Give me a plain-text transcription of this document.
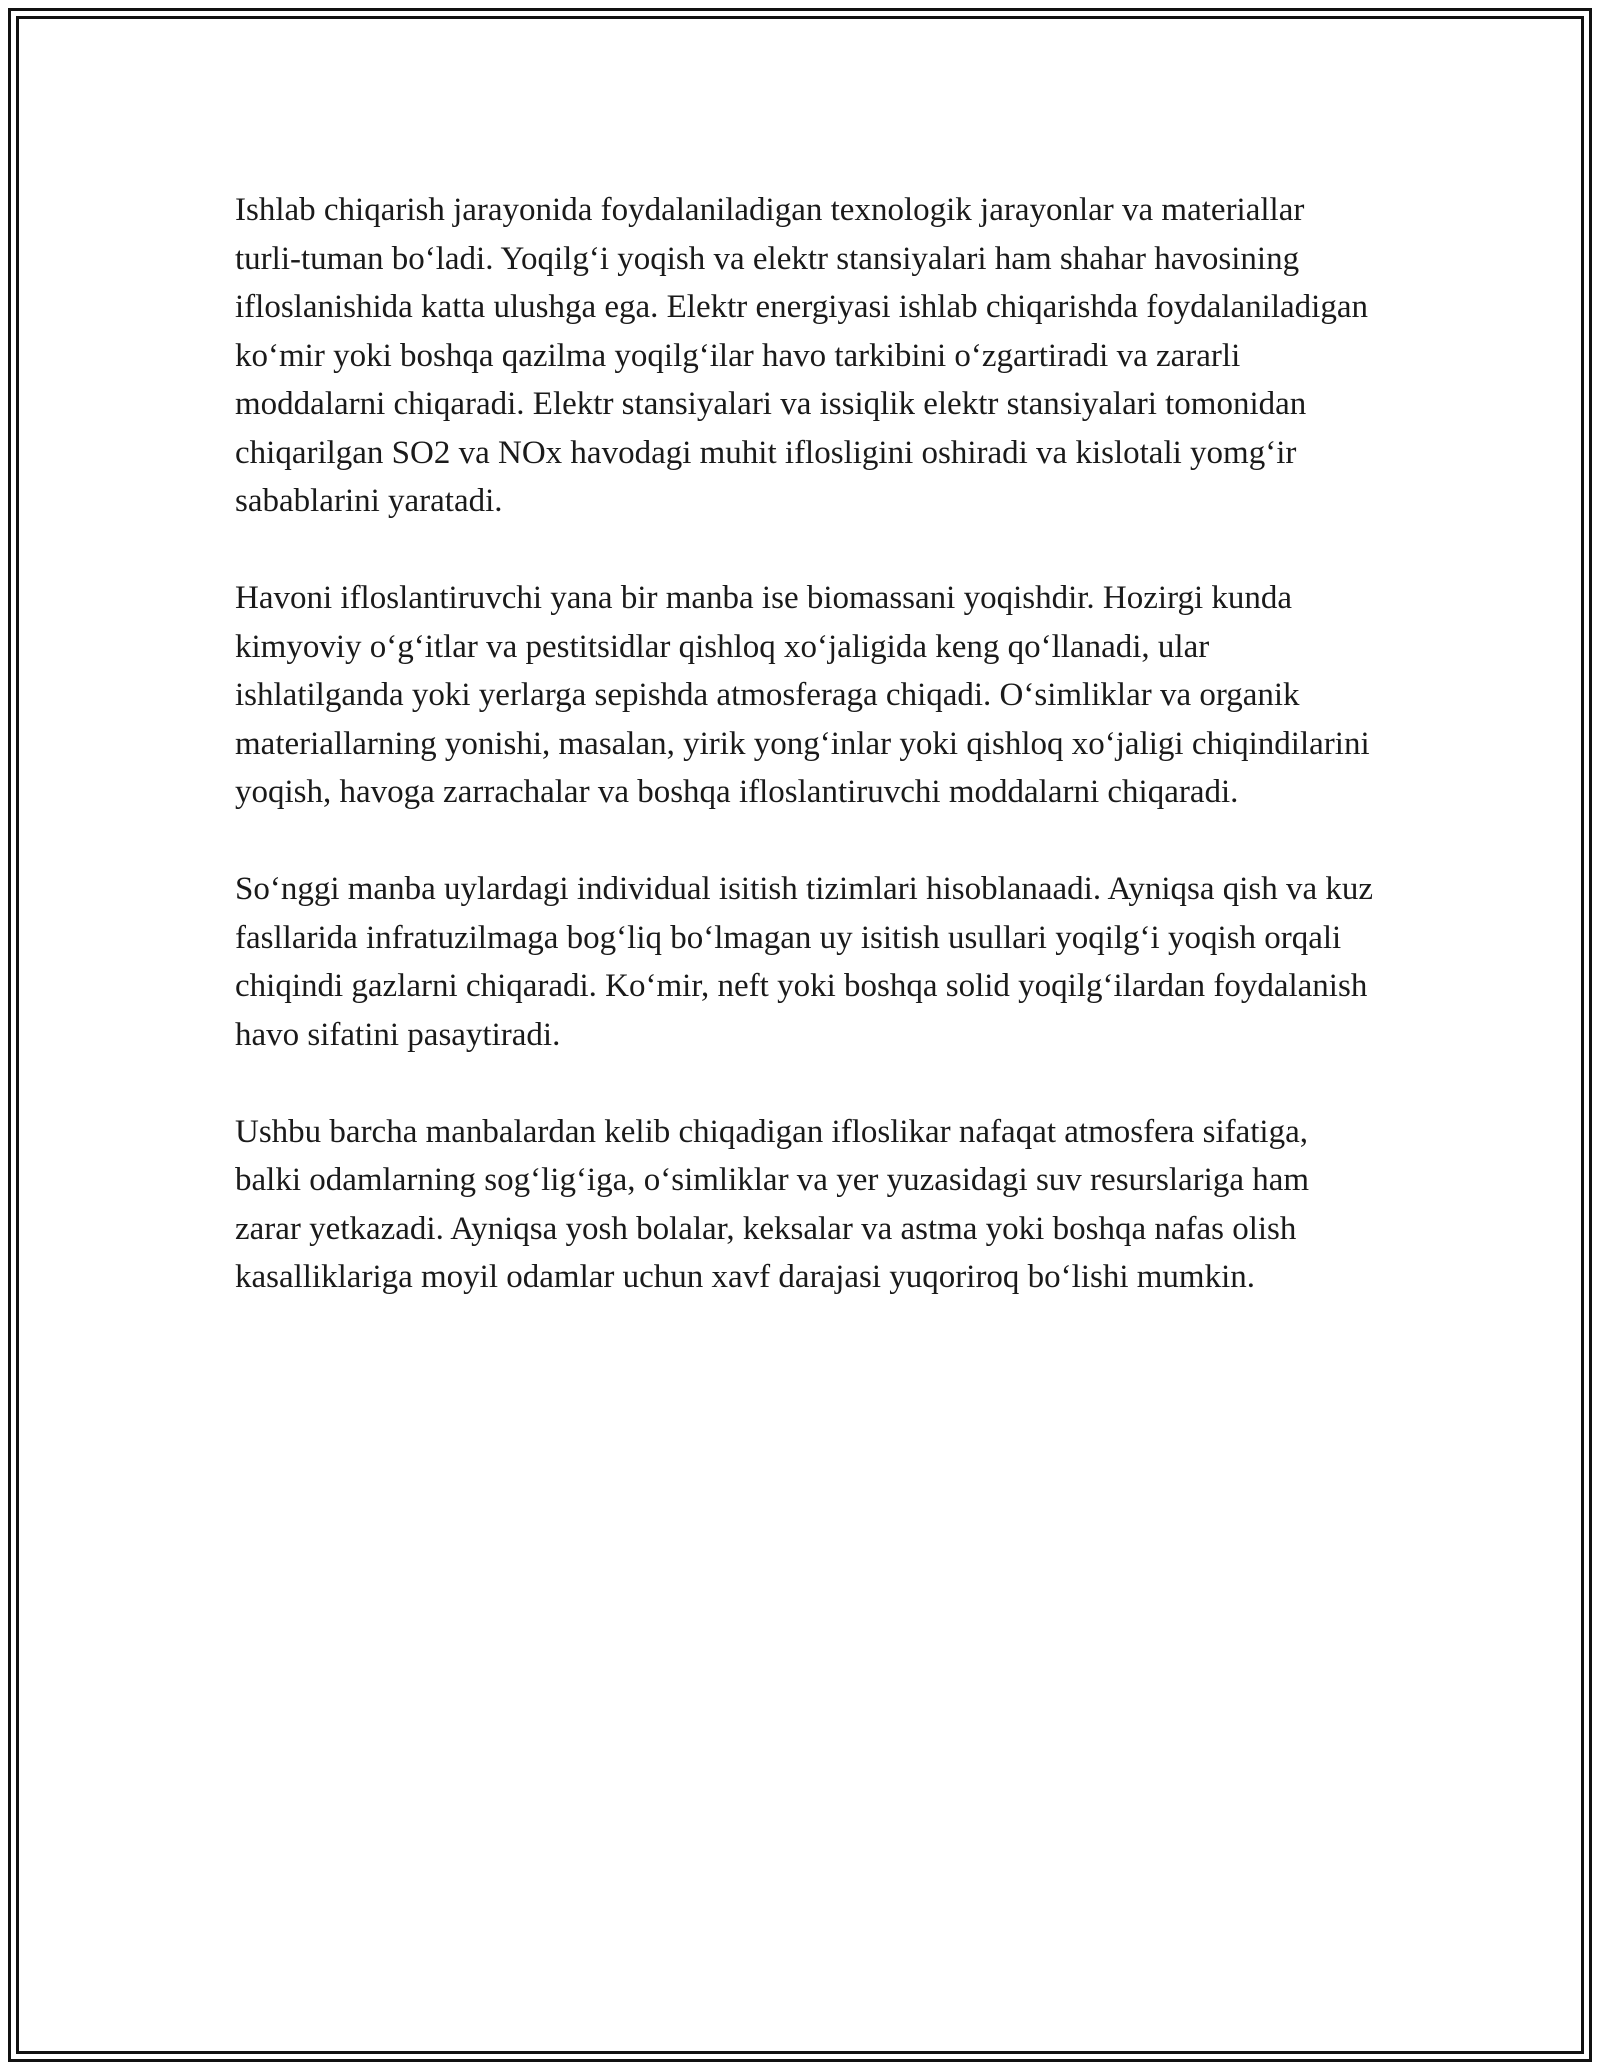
Ishlab chiqarish jarayonida foydalaniladigan texnologik jarayonlar va materiallar turli-tuman boʻladi. Yoqilgʻi yoqish va elektr stansiyalari ham shahar havosining ifloslanishida katta ulushga ega. Elektr energiyasi ishlab chiqarishda foydalaniladigan koʻmir yoki boshqa qazilma yoqilgʻilar havo tarkibini oʻzgartiradi va zararli moddalarni chiqaradi. Elektr stansiyalari va issiqlik elektr stansiyalari tomonidan chiqarilgan SO2 va NOx havodagi muhit iflosligini oshiradi va kislotali yomgʻir sabablarini yaratadi.

Havoni ifloslantiruvchi yana bir manba ise biomassani yoqishdir. Hozirgi kunda kimyoviy oʻgʻitlar va pestitsidlar qishloq xoʻjaligida keng qoʻllanadi, ular ishlatilganda yoki yerlarga sepishda atmosferaga chiqadi. Oʻsimliklar va organik materiallarning yonishi, masalan, yirik yongʻinlar yoki qishloq xoʻjaligi chiqindilarini yoqish, havoga zarrachalar va boshqa ifloslantiruvchi moddalarni chiqaradi.

Soʻnggi manba uylardagi individual isitish tizimlari hisoblanaadi. Ayniqsa qish va kuz fasllarida infratuzilmaga bogʻliq boʻlmagan uy isitish usullari yoqilgʻi yoqish orqali chiqindi gazlarni chiqaradi. Koʻmir, neft yoki boshqa solid yoqilgʻilardan foydalanish havo sifatini pasaytiradi.

Ushbu barcha manbalardan kelib chiqadigan ifloslikar nafaqat atmosfera sifatiga, balki odamlarning sogʻligʻiga, oʻsimliklar va yer yuzasidagi suv resurslariga ham zarar yetkazadi. Ayniqsa yosh bolalar, keksalar va astma yoki boshqa nafas olish kasalliklariga moyil odamlar uchun xavf darajasi yuqoriroq boʻlishi mumkin.
